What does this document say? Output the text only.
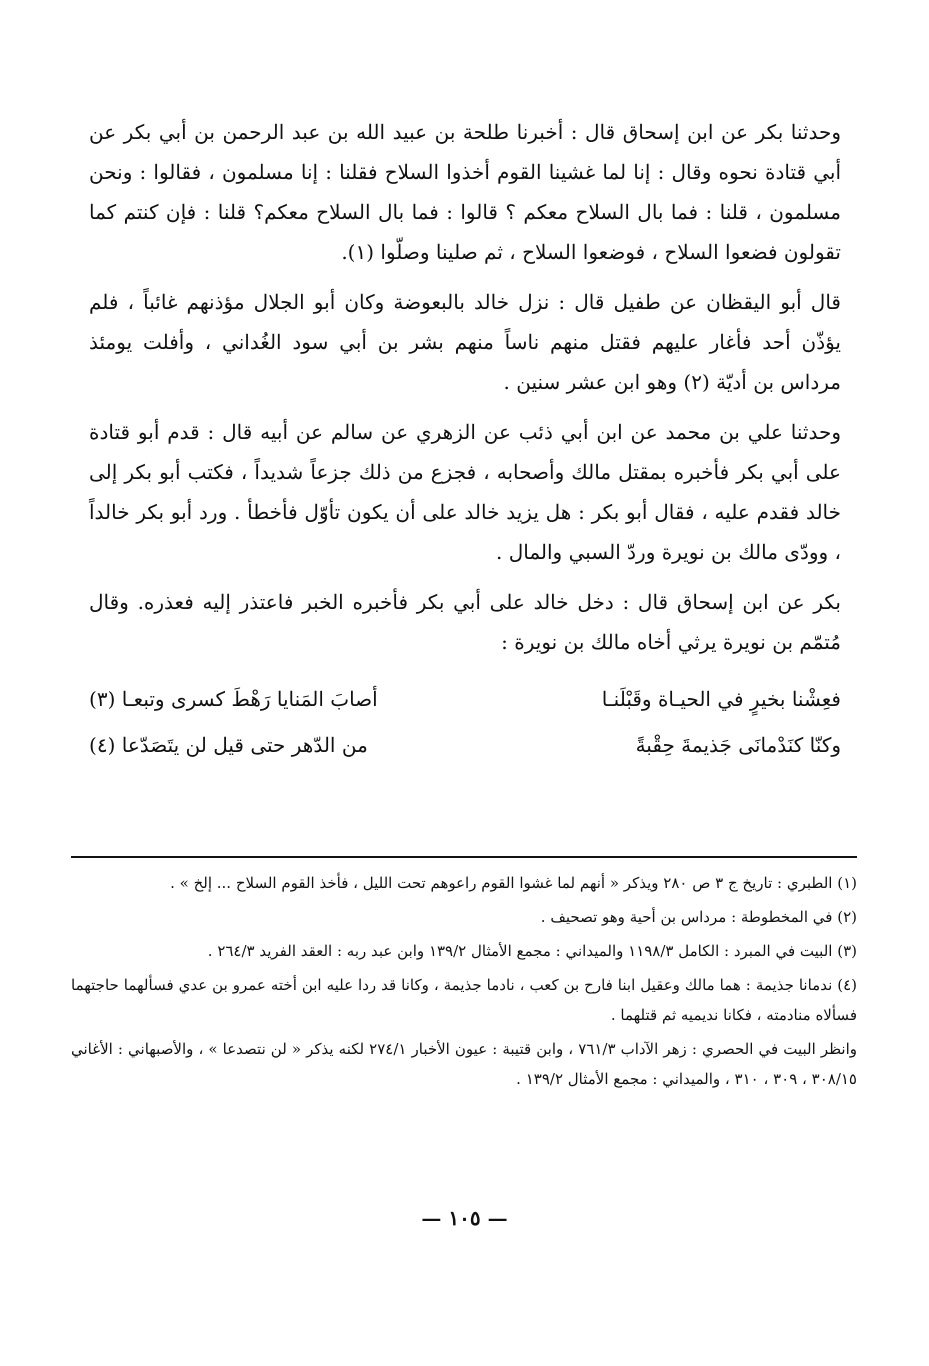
وحدثنا بكر عن ابن إسحاق قال : أخبرنا طلحة بن عبيد الله بن عبد الرحمن بن أبي بكر عن أبي قتادة نحوه وقال : إنا لما غشينا القوم أخذوا السلاح فقلنا : إنا مسلمون ، فقالوا : ونحن مسلمون ، قلنا : فما بال السلاح معكم ؟ قالوا : فما بال السلاح معكم؟ قلنا : فإن كنتم كما تقولون فضعوا السلاح ، فوضعوا السلاح ، ثم صلينا وصلّوا (١).

قال أبو اليقظان عن طفيل قال : نزل خالد بالبعوضة وكان أبو الجلال مؤذنهم غائباً ، فلم يؤذّن أحد فأغار عليهم فقتل منهم ناساً منهم بشر بن أبي سود الغُداني ، وأفلت يومئذ مرداس بن أديّة (٢) وهو ابن عشر سنين .

وحدثنا علي بن محمد عن ابن أبي ذئب عن الزهري عن سالم عن أبيه قال : قدم أبو قتادة على أبي بكر فأخبره بمقتل مالك وأصحابه ، فجزع من ذلك جزعاً شديداً ، فكتب أبو بكر إلى خالد فقدم عليه ، فقال أبو بكر : هل يزيد خالد على أن يكون تأوّل فأخطأ . ورد أبو بكر خالداً ، وودّى مالك بن نويرة وردّ السبي والمال .

بكر عن ابن إسحاق قال : دخل خالد على أبي بكر فأخبره الخبر فاعتذر إليه فعذره. وقال مُتمّم بن نويرة يرثي أخاه مالك بن نويرة :

فعِشْنا بخيرٍ في الحيـاة وقَبْلَنـا
أصابَ المَنايا رَهْطَ كسرى وتبعـا (٣)
وكنّا كنَدْمانَى جَذيمةَ حِقْبةً
من الدّهر حتى قيل لن يتَصَدّعا (٤)

(١) الطبري : تاريخ ج ٣ ص ٢٨٠ ويذكر « أنهم لما غشوا القوم راعوهم تحت الليل ، فأخذ القوم السلاح ... إلخ » .

(٢) في المخطوطة : مرداس بن أحية وهو تصحيف .

(٣) البيت في المبرد : الكامل ١١٩٨/٣ والميداني : مجمع الأمثال ١٣٩/٢ وابن عبد ربه : العقد الفريد ٢٦٤/٣ .

(٤) ندمانا جذيمة : هما مالك وعقيل ابنا فارح بن كعب ، نادما جذيمة ، وكانا قد ردا عليه ابن أخته عمرو بن عدي فسألهما حاجتهما فسألاه منادمته ، فكانا نديميه ثم قتلهما .

وانظر البيت في الحصري : زهر الآداب ٧٦١/٣ ، وابن قتيبة : عيون الأخبار ٢٧٤/١ لكنه يذكر « لن نتصدعا » ، والأصبهاني : الأغاني ٣٠٨/١٥ ، ٣٠٩ ، ٣١٠ ، والميداني : مجمع الأمثال ١٣٩/٢ .

— ١٠٥ —
